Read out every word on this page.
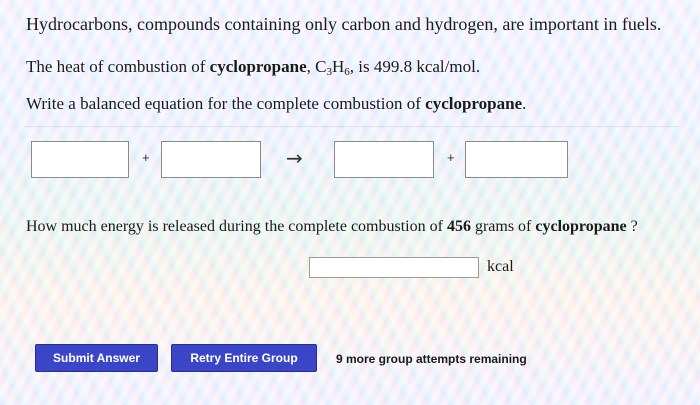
Hydrocarbons, compounds containing only carbon and hydrogen, are important in fuels.
The heat of combustion of cyclopropane, $C_3H_6$, is 499.8 kcal/mol.
Write a balanced equation for the complete combustion of cyclopropane.
+	→	+
How much energy is released during the complete combustion of 456 grams of cyclopropane ?
kcal
Submit Answer	Retry Entire Group	9 more group attempts remaining
